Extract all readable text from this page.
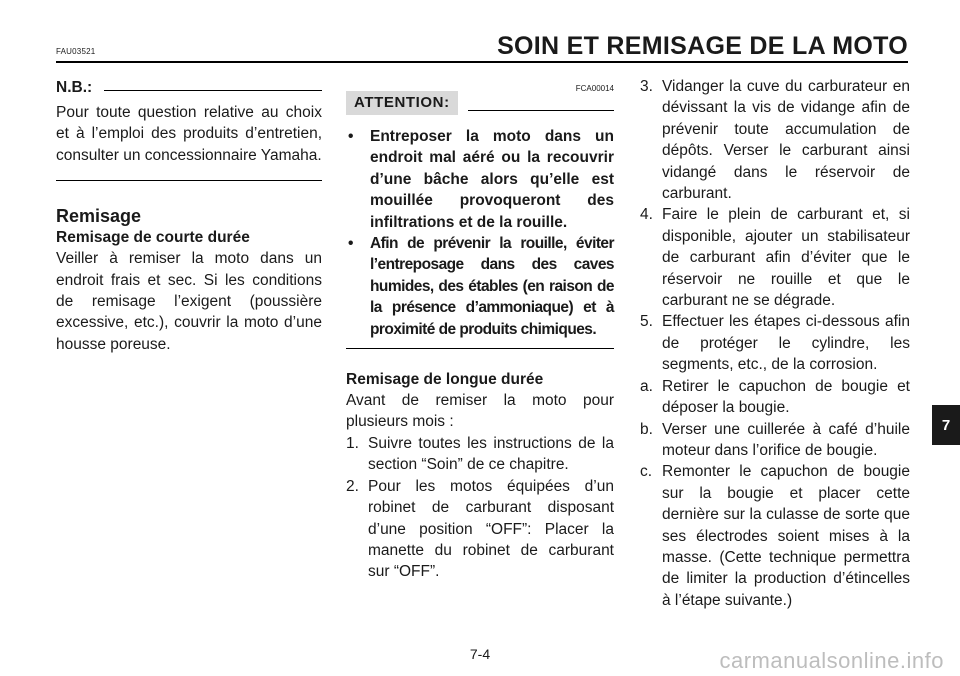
FAU03521	SOIN ET REMISAGE DE LA MOTO
N.B.:

Pour toute question relative au choix et à l’emploi des produits d’entretien, consulter un concessionnaire Yamaha.

Remisage
Remisage de courte durée

Veiller à remiser la moto dans un endroit frais et sec. Si les conditions de remisage l’exigent (poussière excessive, etc.), couvrir la moto d’une housse poreuse.

FCA00014
ATTENTION:
• Entreposer la moto dans un endroit mal aéré ou la recouvrir d’une bâche alors qu’elle est mouillée provoqueront des infiltrations et de la rouille.
• Afin de prévenir la rouille, éviter l’entreposage dans des caves humides, des étables (en raison de la présence d’ammoniaque) et à proximité de produits chimiques.
Remisage de longue durée

Avant de remiser la moto pour plusieurs mois :

1. Suivre toutes les instructions de la section “Soin” de ce chapitre.
2. Pour les motos équipées d’un robinet de carburant disposant d’une position “OFF”: Placer la manette du robinet de carburant sur “OFF”.
3. Vidanger la cuve du carburateur en dévissant la vis de vidange afin de prévenir toute accumulation de dépôts. Verser le carburant ainsi vidangé dans le réservoir de carburant.
4. Faire le plein de carburant et, si disponible, ajouter un stabilisateur de carburant afin d’éviter que le réservoir ne rouille et que le carburant ne se dégrade.
5. Effectuer les étapes ci-dessous afin de protéger le cylindre, les segments, etc., de la corrosion.
a. Retirer le capuchon de bougie et déposer la bougie.
b. Verser une cuillerée à café d’huile moteur dans l’orifice de bougie.
c. Remonter le capuchon de bougie sur la bougie et placer cette dernière sur la culasse de sorte que ses électrodes soient mises à la masse. (Cette technique permettra de limiter la production d’étincelles à l’étape suivante.)
7-4
7
carmanualsonline.info
